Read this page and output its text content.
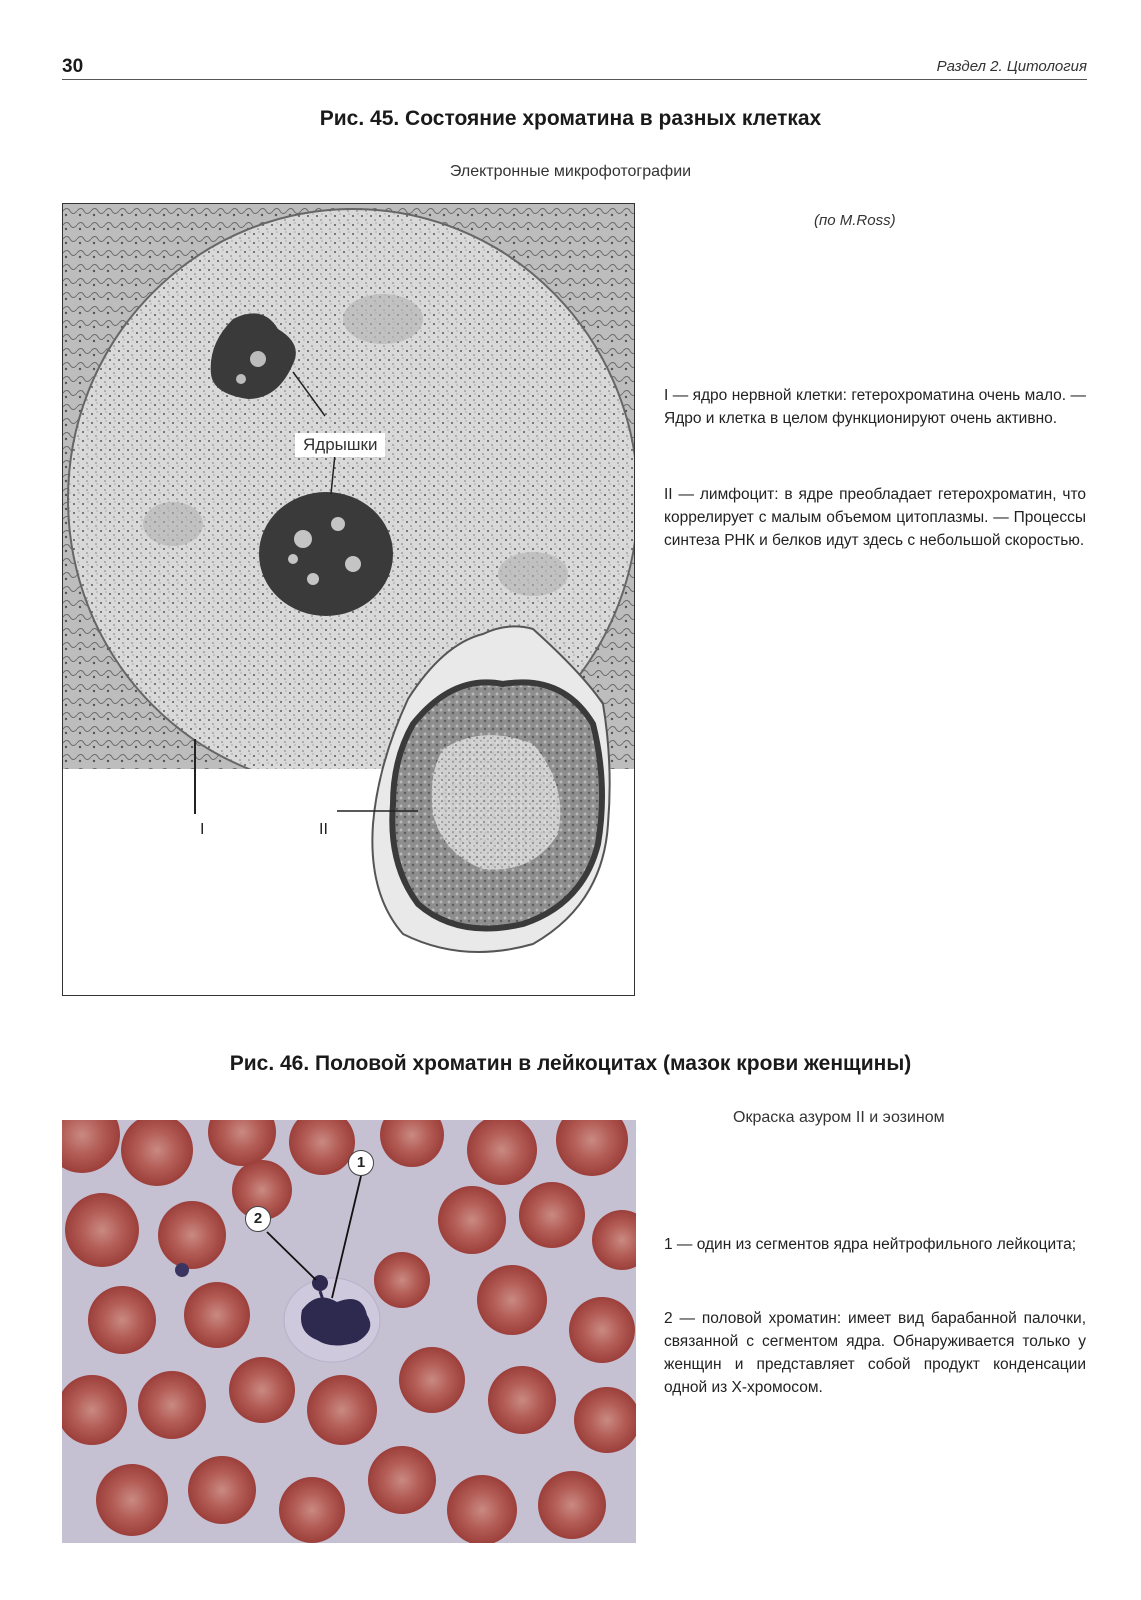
30	Раздел 2. Цитология
Рис. 45. Состояние хроматина в разных клетках
Электронные микрофотографии
(по M.Ross)
Ядрышки
I	II
I — ядро нервной клетки: гетерохроматина очень мало. — Ядро и клетка в целом функционируют очень активно.
II — лимфоцит: в ядре преобладает гетерохроматин, что коррелирует с малым объемом цитоплазмы. — Процессы синтеза РНК и белков идут здесь с небольшой скоростью.
Рис. 46. Половой хроматин в лейкоцитах (мазок крови женщины)
Окраска азуром II и эозином
1
2
1 — один из сегментов ядра нейтрофильного лейкоцита;
2 — половой хроматин: имеет вид барабанной палочки, связанной с сегментом ядра. Обнаруживается только у женщин и представляет собой продукт конденсации одной из X-хромосом.
